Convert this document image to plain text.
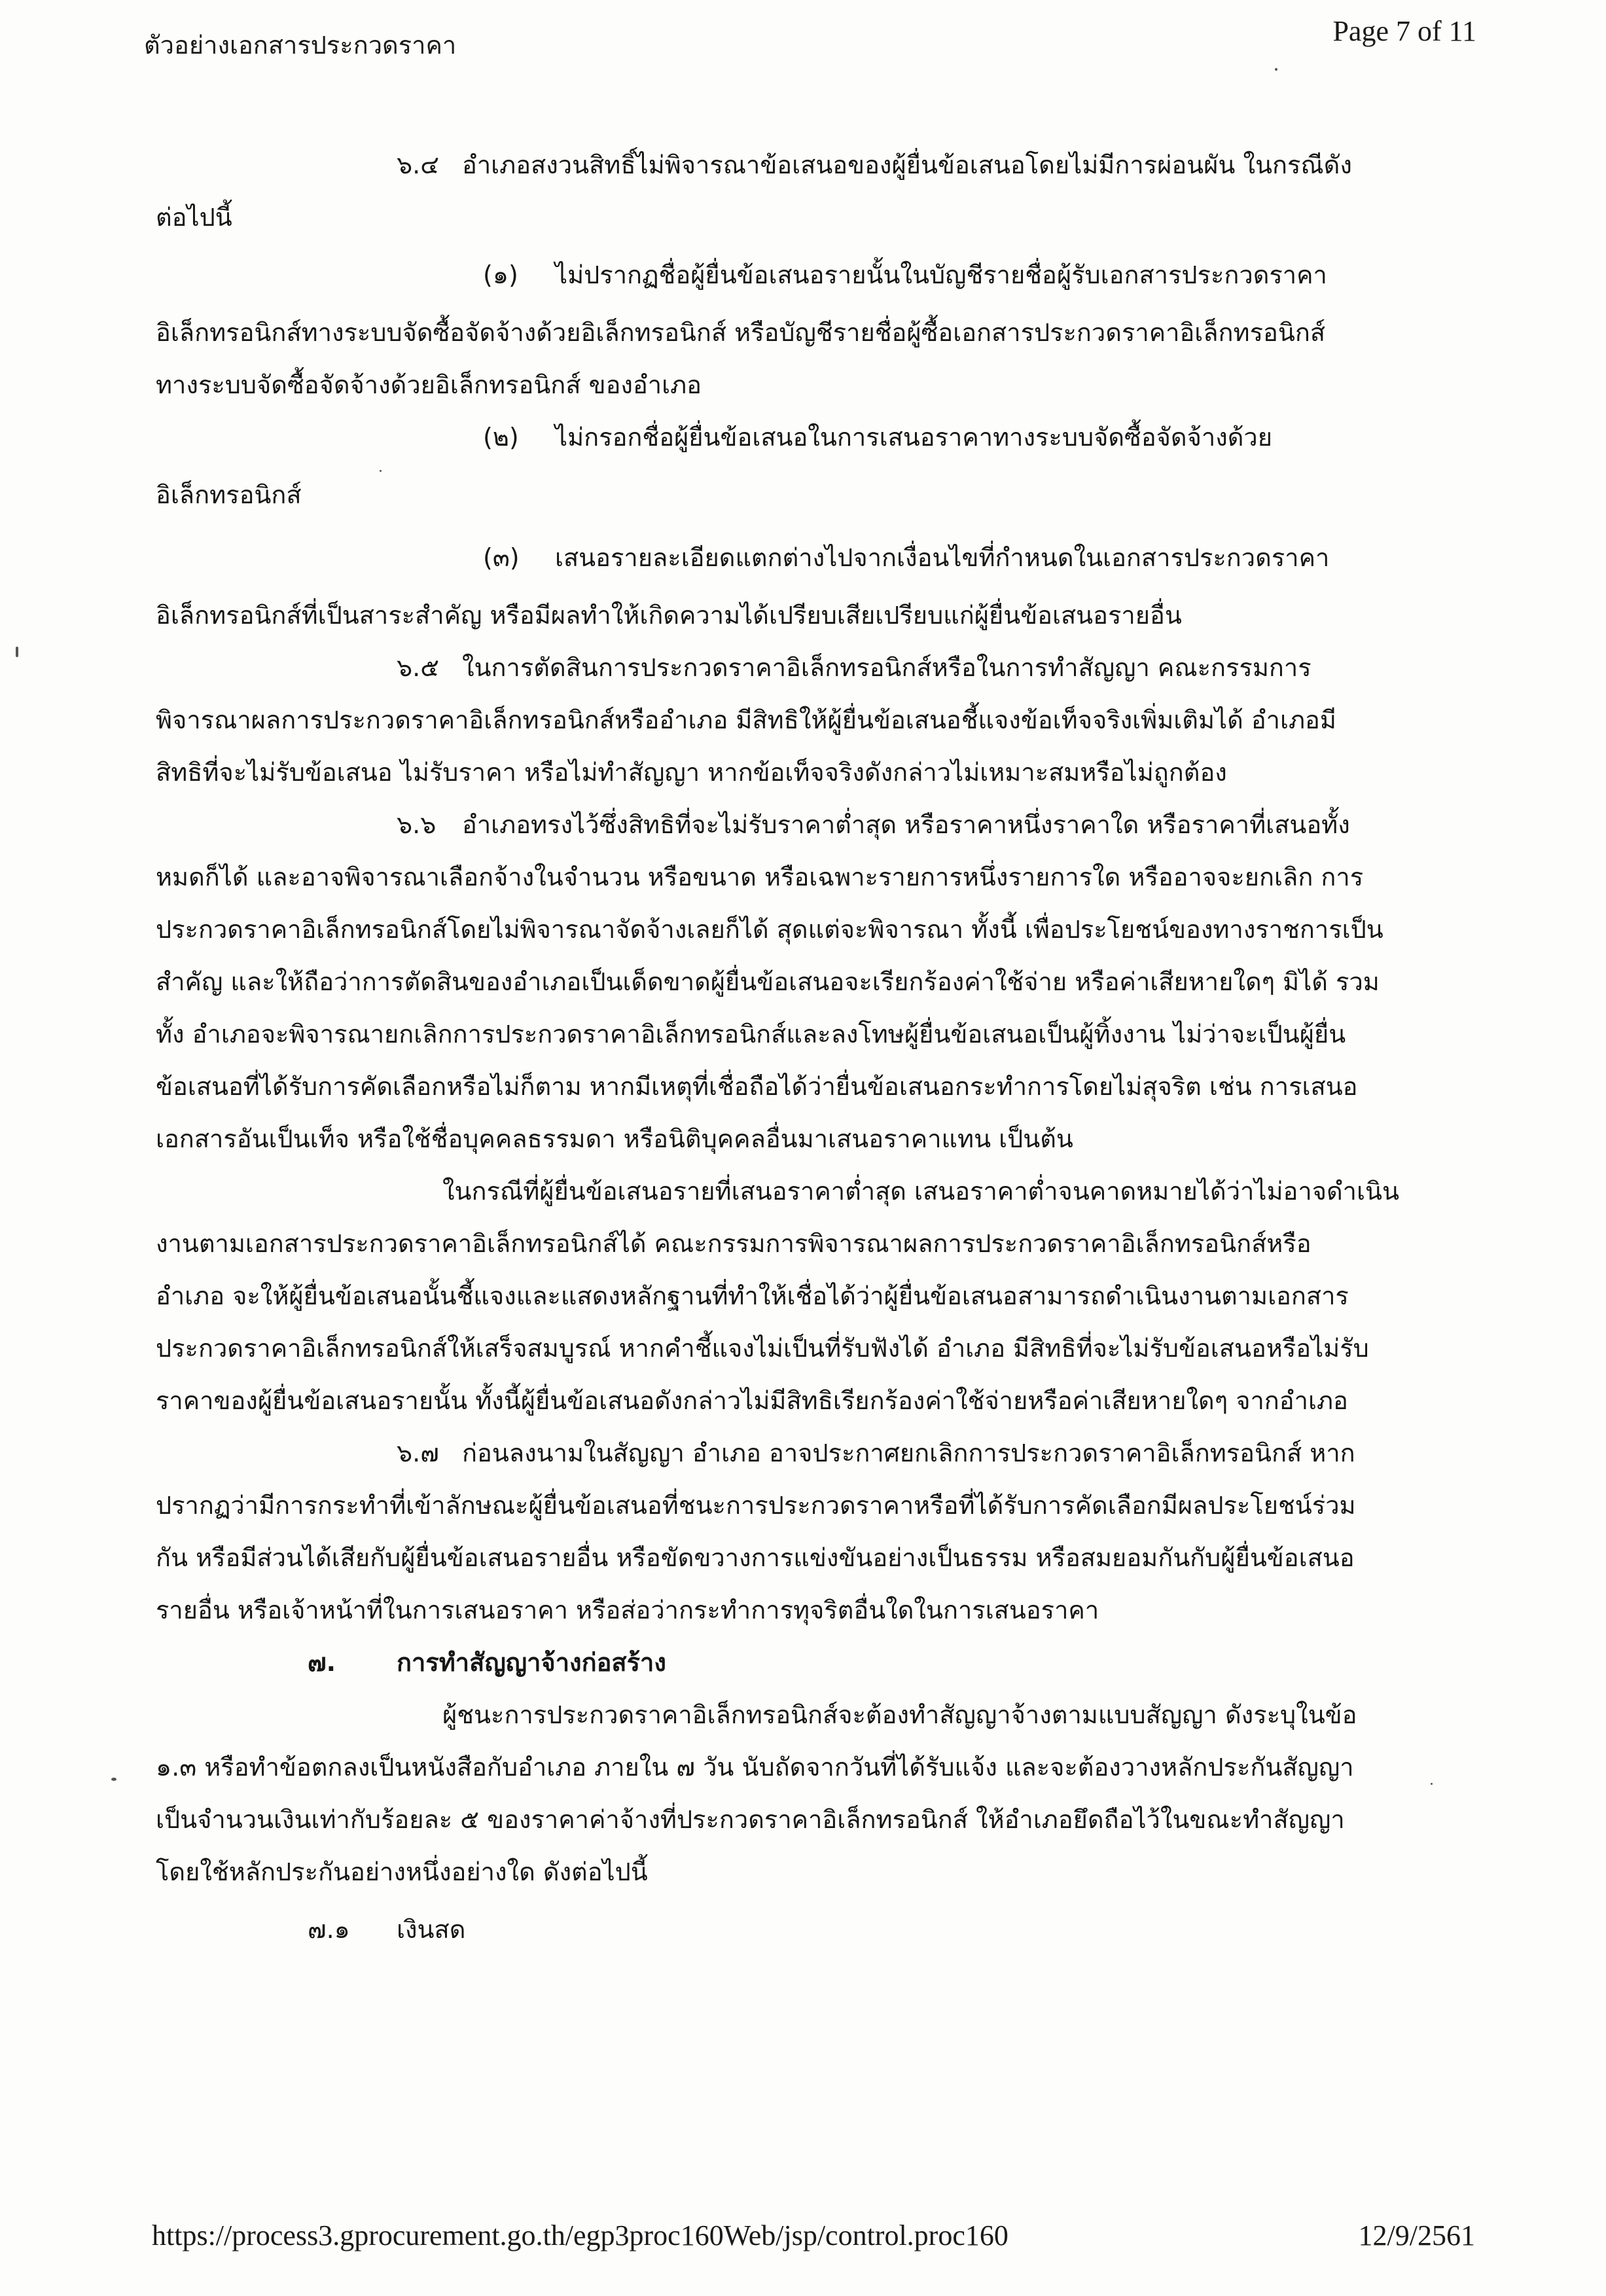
ตัวอย่างเอกสารประกวดราคา	Page 7 of 11
๖.๔ อำเภอสงวนสิทธิ์ไม่พิจารณาข้อเสนอของผู้ยื่นข้อเสนอโดยไม่มีการผ่อนผัน ในกรณีดัง
ต่อไปนี้
(๑) ไม่ปรากฏชื่อผู้ยื่นข้อเสนอรายนั้นในบัญชีรายชื่อผู้รับเอกสารประกวดราคา
อิเล็กทรอนิกส์ทางระบบจัดซื้อจัดจ้างด้วยอิเล็กทรอนิกส์ หรือบัญชีรายชื่อผู้ซื้อเอกสารประกวดราคาอิเล็กทรอนิกส์
ทางระบบจัดซื้อจัดจ้างด้วยอิเล็กทรอนิกส์ ของอำเภอ
(๒) ไม่กรอกชื่อผู้ยื่นข้อเสนอในการเสนอราคาทางระบบจัดซื้อจัดจ้างด้วย
อิเล็กทรอนิกส์
(๓) เสนอรายละเอียดแตกต่างไปจากเงื่อนไขที่กำหนดในเอกสารประกวดราคา
อิเล็กทรอนิกส์ที่เป็นสาระสำคัญ หรือมีผลทำให้เกิดความได้เปรียบเสียเปรียบแก่ผู้ยื่นข้อเสนอรายอื่น
๖.๕ ในการตัดสินการประกวดราคาอิเล็กทรอนิกส์หรือในการทำสัญญา คณะกรรมการ
พิจารณาผลการประกวดราคาอิเล็กทรอนิกส์หรืออำเภอ มีสิทธิให้ผู้ยื่นข้อเสนอชี้แจงข้อเท็จจริงเพิ่มเติมได้ อำเภอมี
สิทธิที่จะไม่รับข้อเสนอ ไม่รับราคา หรือไม่ทำสัญญา หากข้อเท็จจริงดังกล่าวไม่เหมาะสมหรือไม่ถูกต้อง
๖.๖ อำเภอทรงไว้ซึ่งสิทธิที่จะไม่รับราคาต่ำสุด หรือราคาหนึ่งราคาใด หรือราคาที่เสนอทั้ง
หมดก็ได้ และอาจพิจารณาเลือกจ้างในจำนวน หรือขนาด หรือเฉพาะรายการหนึ่งรายการใด หรืออาจจะยกเลิก การ
ประกวดราคาอิเล็กทรอนิกส์โดยไม่พิจารณาจัดจ้างเลยก็ได้ สุดแต่จะพิจารณา ทั้งนี้ เพื่อประโยชน์ของทางราชการเป็น
สำคัญ และให้ถือว่าการตัดสินของอำเภอเป็นเด็ดขาดผู้ยื่นข้อเสนอจะเรียกร้องค่าใช้จ่าย หรือค่าเสียหายใดๆ มิได้ รวม
ทั้ง อำเภอจะพิจารณายกเลิกการประกวดราคาอิเล็กทรอนิกส์และลงโทษผู้ยื่นข้อเสนอเป็นผู้ทิ้งงาน ไม่ว่าจะเป็นผู้ยื่น
ข้อเสนอที่ได้รับการคัดเลือกหรือไม่ก็ตาม หากมีเหตุที่เชื่อถือได้ว่ายื่นข้อเสนอกระทำการโดยไม่สุจริต เช่น การเสนอ
เอกสารอันเป็นเท็จ หรือใช้ชื่อบุคคลธรรมดา หรือนิติบุคคลอื่นมาเสนอราคาแทน เป็นต้น
ในกรณีที่ผู้ยื่นข้อเสนอรายที่เสนอราคาต่ำสุด เสนอราคาต่ำจนคาดหมายได้ว่าไม่อาจดำเนิน
งานตามเอกสารประกวดราคาอิเล็กทรอนิกส์ได้ คณะกรรมการพิจารณาผลการประกวดราคาอิเล็กทรอนิกส์หรือ
อำเภอ จะให้ผู้ยื่นข้อเสนอนั้นชี้แจงและแสดงหลักฐานที่ทำให้เชื่อได้ว่าผู้ยื่นข้อเสนอสามารถดำเนินงานตามเอกสาร
ประกวดราคาอิเล็กทรอนิกส์ให้เสร็จสมบูรณ์ หากคำชี้แจงไม่เป็นที่รับฟังได้ อำเภอ มีสิทธิที่จะไม่รับข้อเสนอหรือไม่รับ
ราคาของผู้ยื่นข้อเสนอรายนั้น ทั้งนี้ผู้ยื่นข้อเสนอดังกล่าวไม่มีสิทธิเรียกร้องค่าใช้จ่ายหรือค่าเสียหายใดๆ จากอำเภอ
๖.๗ ก่อนลงนามในสัญญา อำเภอ อาจประกาศยกเลิกการประกวดราคาอิเล็กทรอนิกส์ หาก
ปรากฏว่ามีการกระทำที่เข้าลักษณะผู้ยื่นข้อเสนอที่ชนะการประกวดราคาหรือที่ได้รับการคัดเลือกมีผลประโยชน์ร่วม
กัน หรือมีส่วนได้เสียกับผู้ยื่นข้อเสนอรายอื่น หรือขัดขวางการแข่งขันอย่างเป็นธรรม หรือสมยอมกันกับผู้ยื่นข้อเสนอ
รายอื่น หรือเจ้าหน้าที่ในการเสนอราคา หรือส่อว่ากระทำการทุจริตอื่นใดในการเสนอราคา
๗. การทำสัญญาจ้างก่อสร้าง
ผู้ชนะการประกวดราคาอิเล็กทรอนิกส์จะต้องทำสัญญาจ้างตามแบบสัญญา ดังระบุในข้อ
๑.๓ หรือทำข้อตกลงเป็นหนังสือกับอำเภอ ภายใน ๗ วัน นับถัดจากวันที่ได้รับแจ้ง และจะต้องวางหลักประกันสัญญา
เป็นจำนวนเงินเท่ากับร้อยละ ๕ ของราคาค่าจ้างที่ประกวดราคาอิเล็กทรอนิกส์ ให้อำเภอยึดถือไว้ในขณะทำสัญญา
โดยใช้หลักประกันอย่างหนึ่งอย่างใด ดังต่อไปนี้
๗.๑ เงินสด
https://process3.gprocurement.go.th/egp3proc160Web/jsp/control.proc160	12/9/2561
